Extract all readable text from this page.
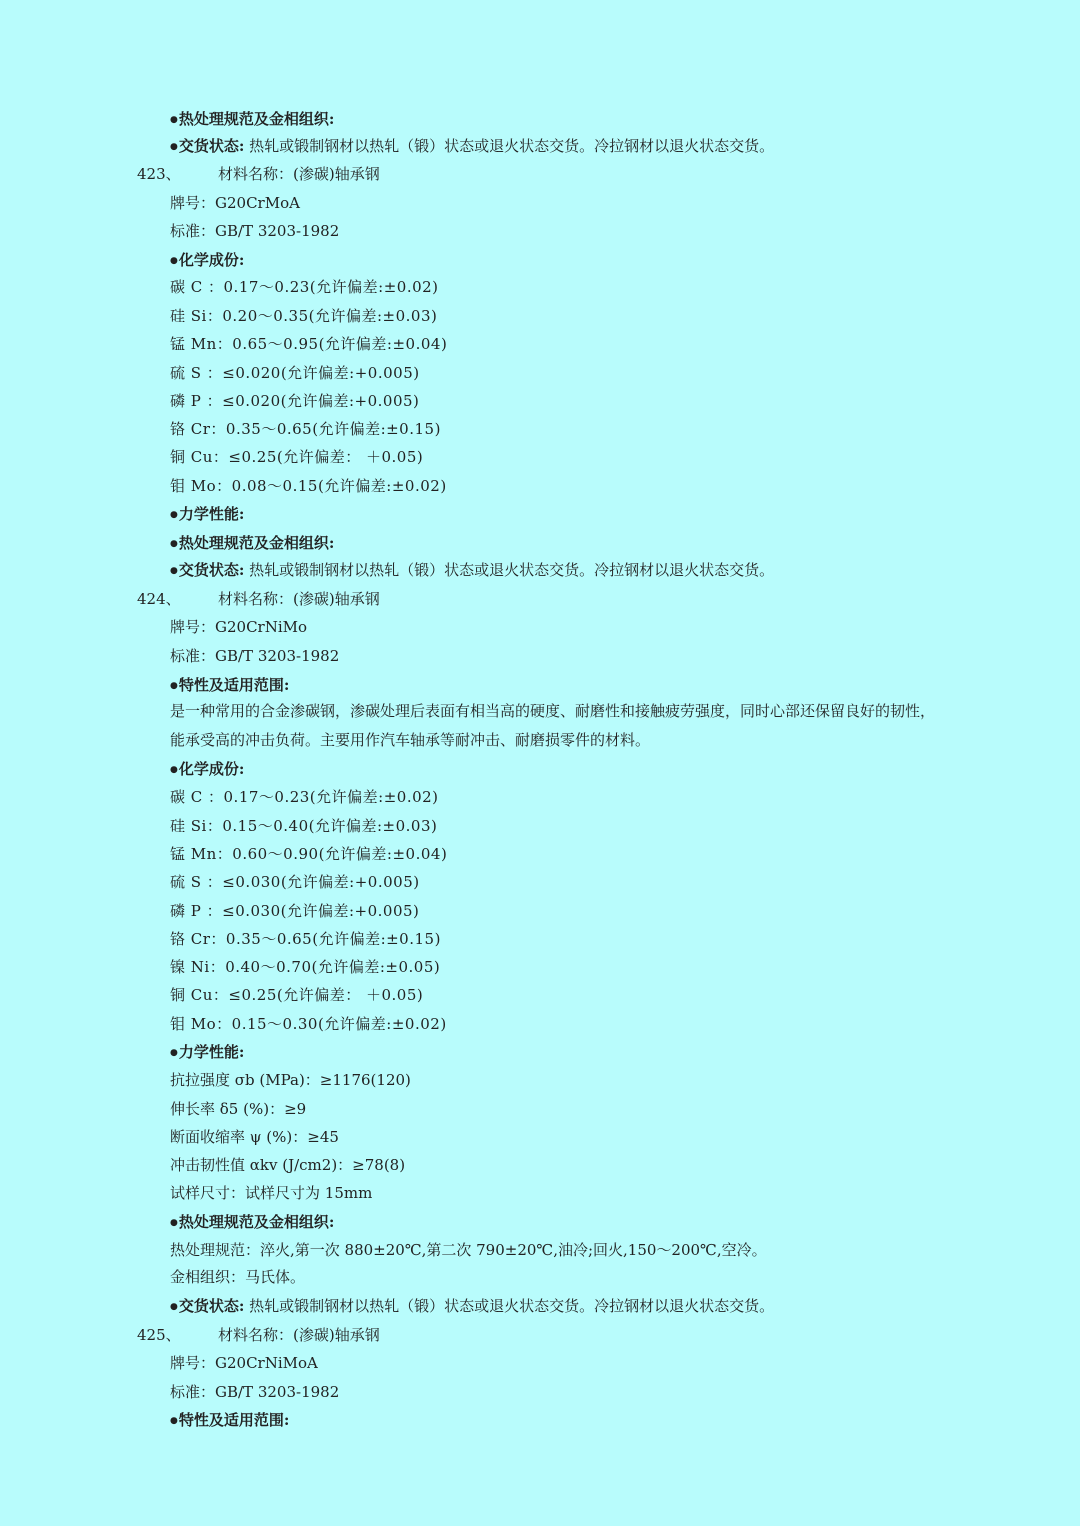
● 热处理规范及金相组织:
● 交货状态: 热轧或锻制钢材以热轧（锻）状态或退火状态交货。冷拉钢材以退火状态交货。
423、 材料名称：(渗碳)轴承钢
牌号：G20CrMoA
标准：GB/T 3203-1982
● 化学成份:
碳 C ：0.17～0.23(允许偏差:±0.02)
硅 Si：0.20～0.35(允许偏差:±0.03)
锰 Mn：0.65～0.95(允许偏差:±0.04)
硫 S ：≤0.020(允许偏差:+0.005)
磷 P ：≤0.020(允许偏差:+0.005)
铬 Cr：0.35～0.65(允许偏差:±0.15)
铜 Cu：≤0.25(允许偏差： ＋0.05)
钼 Mo：0.08～0.15(允许偏差:±0.02)
● 力学性能:
● 热处理规范及金相组织:
● 交货状态: 热轧或锻制钢材以热轧（锻）状态或退火状态交货。冷拉钢材以退火状态交货。
424、 材料名称：(渗碳)轴承钢
牌号：G20CrNiMo
标准：GB/T 3203-1982
● 特性及适用范围:
是一种常用的合金渗碳钢，渗碳处理后表面有相当高的硬度、耐磨性和接触疲劳强度，同时心部还保留良好的韧性，
能承受高的冲击负荷。主要用作汽车轴承等耐冲击、耐磨损零件的材料。
● 化学成份:
碳 C ：0.17～0.23(允许偏差:±0.02)
硅 Si：0.15～0.40(允许偏差:±0.03)
锰 Mn：0.60～0.90(允许偏差:±0.04)
硫 S ：≤0.030(允许偏差:+0.005)
磷 P ：≤0.030(允许偏差:+0.005)
铬 Cr：0.35～0.65(允许偏差:±0.15)
镍 Ni：0.40～0.70(允许偏差:±0.05)
铜 Cu：≤0.25(允许偏差： ＋0.05)
钼 Mo：0.15～0.30(允许偏差:±0.02)
● 力学性能:
抗拉强度 σb (MPa)：≥1176(120)
伸长率 δ5 (%)：≥9
断面收缩率 ψ (%)：≥45
冲击韧性值 αkv (J/cm2)：≥78(8)
试样尺寸：试样尺寸为 15mm
● 热处理规范及金相组织:
热处理规范：淬火,第一次 880±20℃,第二次 790±20℃,油冷;回火,150～200℃,空冷。
金相组织：马氏体。
● 交货状态: 热轧或锻制钢材以热轧（锻）状态或退火状态交货。冷拉钢材以退火状态交货。
425、 材料名称：(渗碳)轴承钢
牌号：G20CrNiMoA
标准：GB/T 3203-1982
● 特性及适用范围:
